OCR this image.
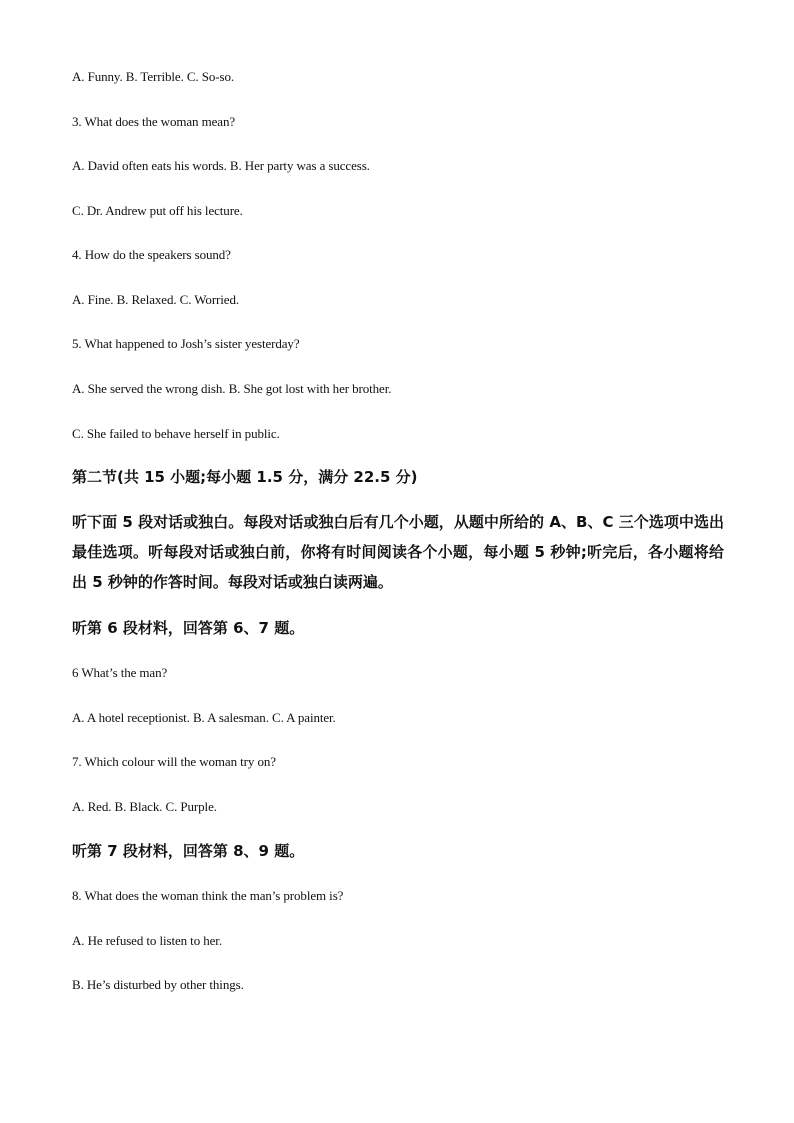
A. Funny. B. Terrible. C. So-so.
3. What does the woman mean?
A. David often eats his words. B. Her party was a success.
C. Dr. Andrew put off his lecture.
4. How do the speakers sound?
A. Fine. B. Relaxed. C. Worried.
5. What happened to Josh’s sister yesterday?
A. She served the wrong dish. B. She got lost with her brother.
C. She failed to behave herself in public.
第二节(共 15 小题;每小题 1.5 分，满分 22.5 分)
听下面 5 段对话或独白。每段对话或独白后有几个小题，从题中所给的 A、B、C 三个选项中选出最佳选项。听每段对话或独白前，你将有时间阅读各个小题，每小题 5 秒钟;听完后，各小题将给出 5 秒钟的作答时间。每段对话或独白读两遍。
听第 6 段材料，回答第 6、7 题。
6 What’s the man?
A. A hotel receptionist. B. A salesman. C. A painter.
7. Which colour will the woman try on?
A. Red. B. Black. C. Purple.
听第 7 段材料，回答第 8、9 题。
8. What does the woman think the man’s problem is?
A. He refused to listen to her.
B. He’s disturbed by other things.
